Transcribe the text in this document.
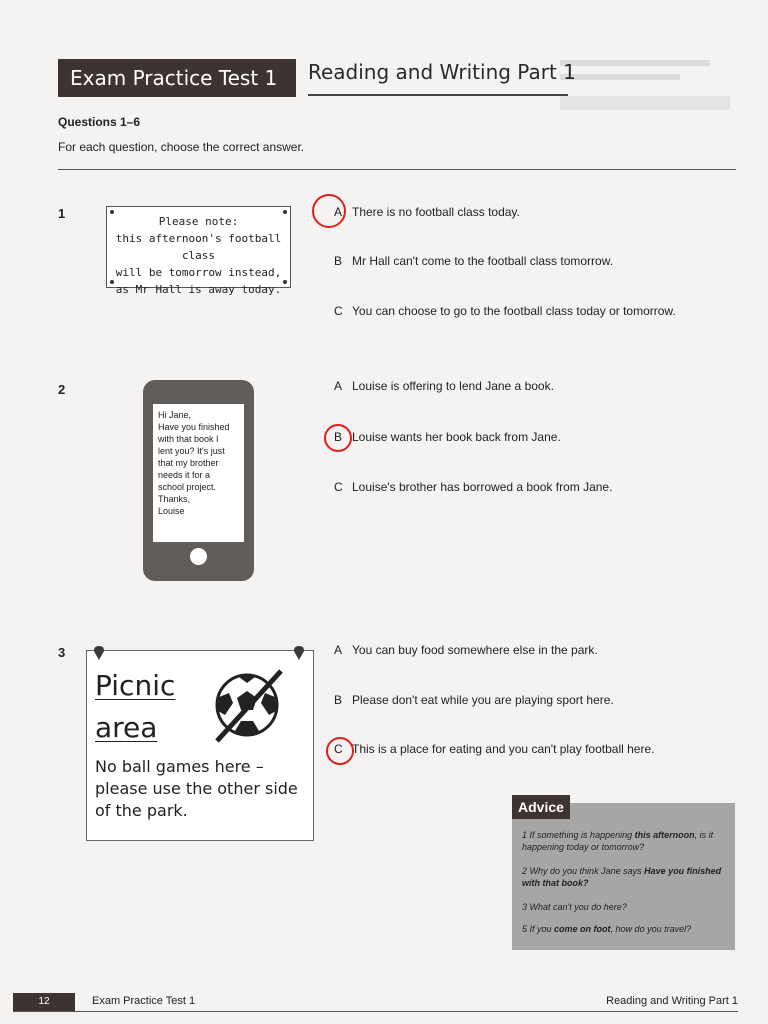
Exam Practice Test 1	Reading and Writing Part 1
Questions 1–6
For each question, choose the correct answer.
1
Please note:
this afternoon's football class
will be tomorrow instead,
as Mr Hall is away today.
A There is no football class today.
B Mr Hall can't come to the football class tomorrow.
C You can choose to go to the football class today or tomorrow.
2
Hi Jane,
Have you finished
with that book I
lent you? It's just
that my brother
needs it for a
school project.
Thanks,
Louise
A Louise is offering to lend Jane a book.
B Louise wants her book back from Jane.
C Louise's brother has borrowed a book from Jane.
3
Picnic
area
No ball games here –
please use the other side
of the park.
A You can buy food somewhere else in the park.
B Please don't eat while you are playing sport here.
C This is a place for eating and you can't play football here.
Advice
1 If something is happening this afternoon, is it happening today or tomorrow?
2 Why do you think Jane says Have you finished with that book?
3 What can't you do here?
5 If you come on foot, how do you travel?
12	Exam Practice Test 1	Reading and Writing Part 1
